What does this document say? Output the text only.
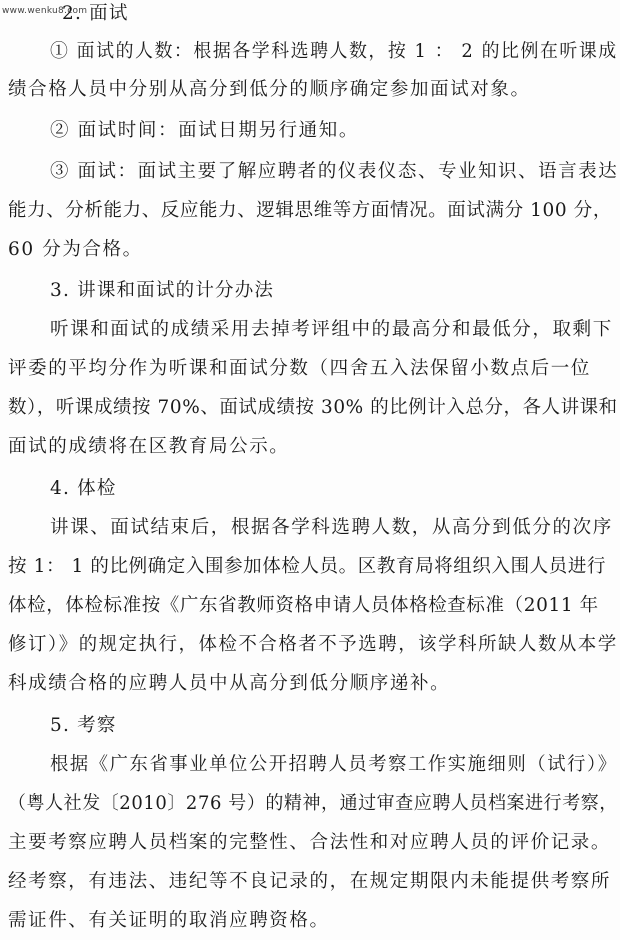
www.wenku8.com
2. 面试
① 面试的人数：根据各学科选聘人数，按 1 ： 2 的比例在听课成
绩合格人员中分别从高分到低分的顺序确定参加面试对象。
② 面试时间：面试日期另行通知。
③ 面试：面试主要了解应聘者的仪表仪态、专业知识、语言表达
能力、分析能力、反应能力、逻辑思维等方面情况。面试满分 100 分，
60 分为合格。
3. 讲课和面试的计分办法
听课和面试的成绩采用去掉考评组中的最高分和最低分，取剩下
评委的平均分作为听课和面试分数（四舍五入法保留小数点后一位
数），听课成绩按 70%、面试成绩按 30% 的比例计入总分，各人讲课和
面试的成绩将在区教育局公示。
4. 体检
讲课、面试结束后，根据各学科选聘人数，从高分到低分的次序
按 1： 1 的比例确定入围参加体检人员。区教育局将组织入围人员进行
体检，体检标准按《广东省教师资格申请人员体格检查标准（2011 年
修订）》的规定执行，体检不合格者不予选聘，该学科所缺人数从本学
科成绩合格的应聘人员中从高分到低分顺序递补。
5. 考察
根据《广东省事业单位公开招聘人员考察工作实施细则（试行）》
（粤人社发〔2010〕276 号）的精神，通过审查应聘人员档案进行考察，
主要考察应聘人员档案的完整性、合法性和对应聘人员的评价记录。
经考察，有违法、违纪等不良记录的，在规定期限内未能提供考察所
需证件、有关证明的取消应聘资格。
